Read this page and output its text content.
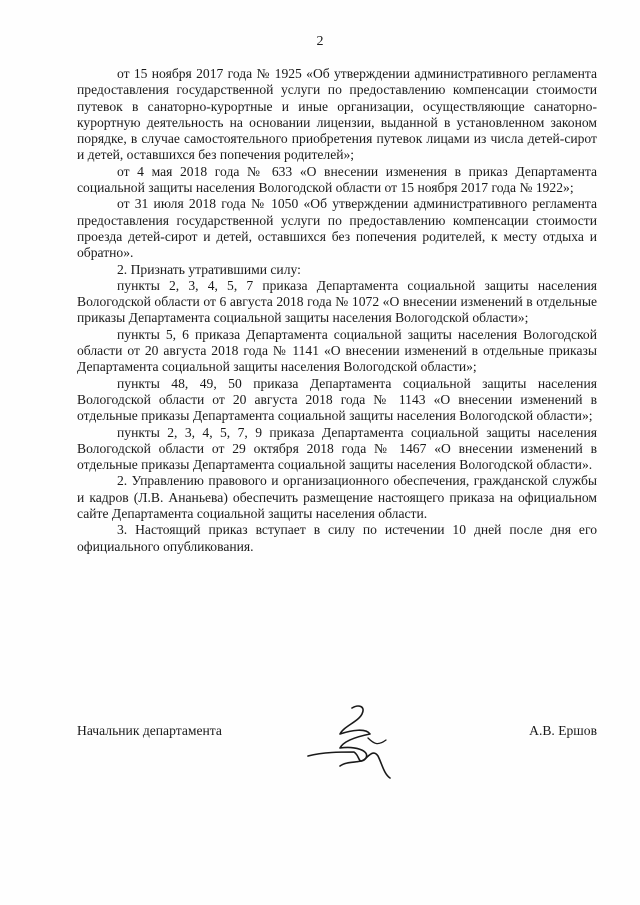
2

от 15 ноября 2017 года № 1925 «Об утверждении административного регламента предоставления государственной услуги по предоставлению компенсации стоимости путевок в санаторно-курортные и иные организации, осуществляющие санаторно-курортную деятельность на основании лицензии, выданной в установленном законом порядке, в случае самостоятельного приобретения путевок лицами из числа детей-сирот и детей, оставшихся без попечения родителей»;

от 4 мая 2018 года № 633 «О внесении изменения в приказ Департамента социальной защиты населения Вологодской области от 15 ноября 2017 года № 1922»;

от 31 июля 2018 года № 1050 «Об утверждении административного регламента предоставления государственной услуги по предоставлению компенсации стоимости проезда детей-сирот и детей, оставшихся без попечения родителей, к месту отдыха и обратно».

2. Признать утратившими силу:

пункты 2, 3, 4, 5, 7 приказа Департамента социальной защиты населения Вологодской области от 6 августа 2018 года № 1072 «О внесении изменений в отдельные приказы Департамента социальной защиты населения Вологодской области»;

пункты 5, 6 приказа Департамента социальной защиты населения Вологодской области от 20 августа 2018 года № 1141 «О внесении изменений в отдельные приказы Департамента социальной защиты населения Вологодской области»;

пункты 48, 49, 50 приказа Департамента социальной защиты населения Вологодской области от 20 августа 2018 года № 1143 «О внесении изменений в отдельные приказы Департамента социальной защиты населения Вологодской области»;

пункты 2, 3, 4, 5, 7, 9 приказа Департамента социальной защиты населения Вологодской области от 29 октября 2018 года № 1467 «О внесении изменений в отдельные приказы Департамента социальной защиты населения Вологодской области».

2. Управлению правового и организационного обеспечения, гражданской службы и кадров (Л.В. Ананьева) обеспечить размещение настоящего приказа на официальном сайте Департамента социальной защиты населения области.

3. Настоящий приказ вступает в силу по истечении 10 дней после дня его официального опубликования.

Начальник департамента	А.В. Ершов
